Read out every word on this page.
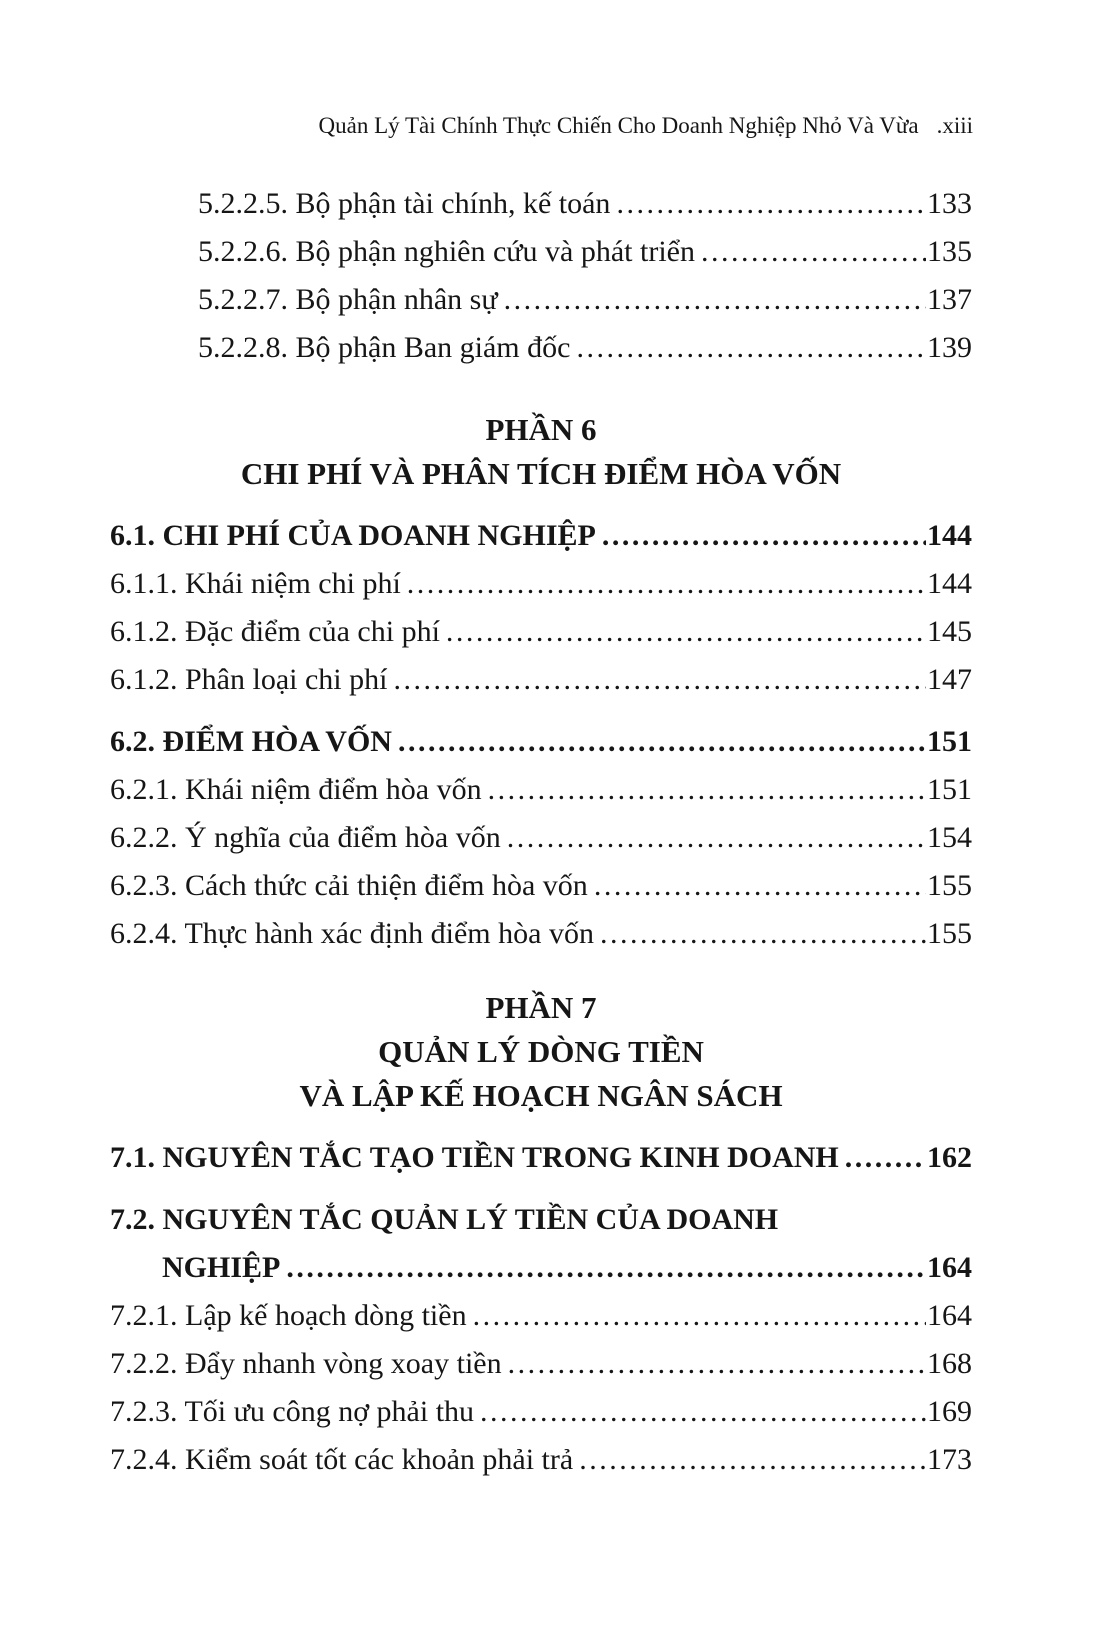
Quản Lý Tài Chính Thực Chiến Cho Doanh Nghiệp Nhỏ Và Vừa .xiii
5.2.2.5. Bộ phận tài chính, kế toán .....	133
5.2.2.6. Bộ phận nghiên cứu và phát triển .....	135
5.2.2.7. Bộ phận nhân sự .....	137
5.2.2.8. Bộ phận Ban giám đốc .....	139
PHẦN 6
CHI PHÍ VÀ PHÂN TÍCH ĐIỂM HÒA VỐN
6.1. CHI PHÍ CỦA DOANH NGHIỆP .....	144
6.1.1. Khái niệm chi phí .....	144
6.1.2. Đặc điểm của chi phí .....	145
6.1.2. Phân loại chi phí .....	147
6.2. ĐIỂM HÒA VỐN .....	151
6.2.1. Khái niệm điểm hòa vốn .....	151
6.2.2. Ý nghĩa của điểm hòa vốn .....	154
6.2.3. Cách thức cải thiện điểm hòa vốn .....	155
6.2.4. Thực hành xác định điểm hòa vốn .....	155
PHẦN 7
QUẢN LÝ DÒNG TIỀN
VÀ LẬP KẾ HOẠCH NGÂN SÁCH
7.1. NGUYÊN TẮC TẠO TIỀN TRONG KINH DOANH .....	162
7.2. NGUYÊN TẮC QUẢN LÝ TIỀN CỦA DOANH
NGHIỆP .....	164
7.2.1. Lập kế hoạch dòng tiền .....	164
7.2.2. Đẩy nhanh vòng xoay tiền .....	168
7.2.3. Tối ưu công nợ phải thu .....	169
7.2.4. Kiểm soát tốt các khoản phải trả .....	173
